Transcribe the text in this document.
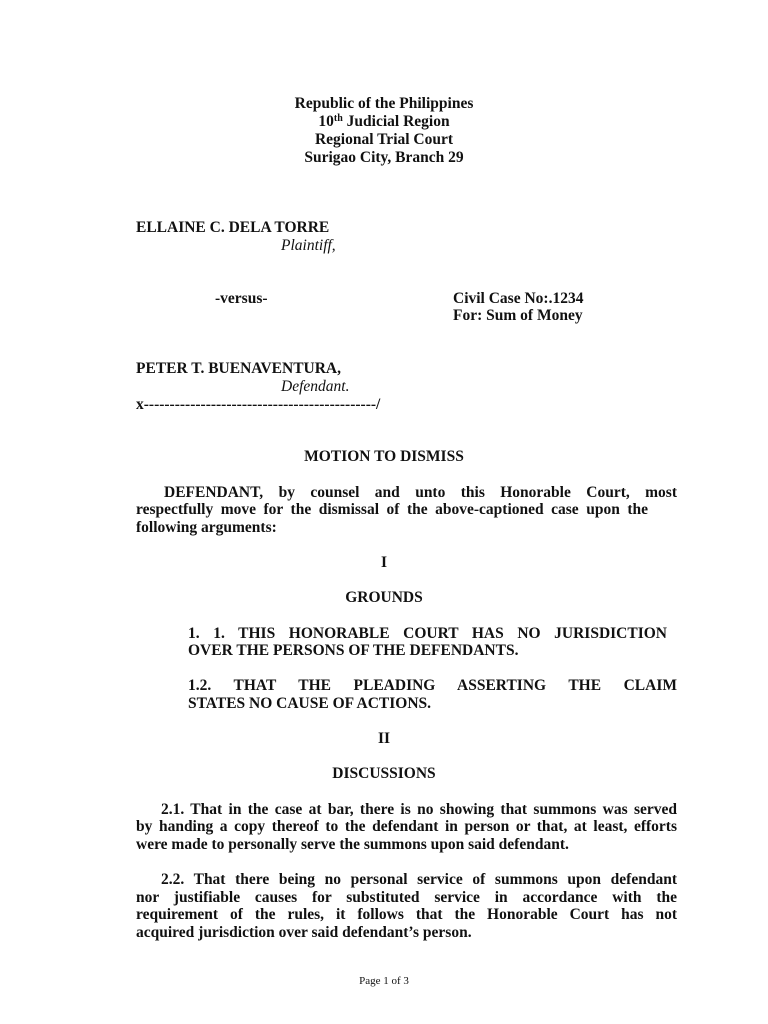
Republic of the Philippines
10th Judicial Region
Regional Trial Court
Surigao City, Branch 29
ELLAINE C. DELA TORRE
Plaintiff,
-versus-	Civil Case No:.1234
For: Sum of Money
PETER T. BUENAVENTURA,
Defendant.
x---------------------------------------------/
MOTION TO DISMISS
DEFENDANT, by counsel and unto this Honorable Court, most
respectfully move for the dismissal of the above-captioned case upon the
following arguments:
I
GROUNDS
1. 1. THIS HONORABLE COURT HAS NO JURISDICTION
OVER THE PERSONS OF THE DEFENDANTS.
1.2. THAT THE PLEADING ASSERTING THE CLAIM
STATES NO CAUSE OF ACTIONS.
II
DISCUSSIONS
2.1. That in the case at bar, there is no showing that summons was served
by handing a copy thereof to the defendant in person or that, at least, efforts
were made to personally serve the summons upon said defendant.
2.2. That there being no personal service of summons upon defendant
nor justifiable causes for substituted service in accordance with the
requirement of the rules, it follows that the Honorable Court has not
acquired jurisdiction over said defendant’s person.
Page 1 of 3
